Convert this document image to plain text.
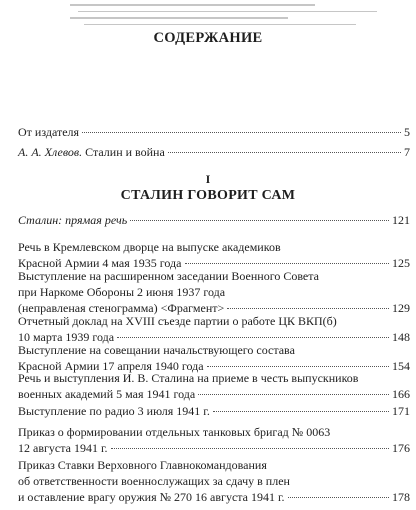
СОДЕРЖАНИЕ
От издателя	5
А. А. Хлевов. Сталин и война	7
I
СТАЛИН ГОВОРИТ САМ
Сталин: прямая речь	121
Речь в Кремлевском дворце на выпуске академиков
Красной Армии 4 мая 1935 года	125
Выступление на расширенном заседании Военного Совета
при Наркоме Обороны 2 июня 1937 года
(неправленая стенограмма) <Фрагмент>	129
Отчетный доклад на XVIII съезде партии о работе ЦК ВКП(б)
10 марта 1939 года	148
Выступление на совещании начальствующего состава
Красной Армии 17 апреля 1940 года	154
Речь и выступления И. В. Сталина на приеме в честь выпускников
военных академий 5 мая 1941 года	166
Выступление по радио 3 июля 1941 г.	171
Приказ о формировании отдельных танковых бригад № 0063
12 августа 1941 г.	176
Приказ Ставки Верховного Главнокомандования
об ответственности военнослужащих за сдачу в плен
и оставление врагу оружия № 270 16 августа 1941 г.	178
